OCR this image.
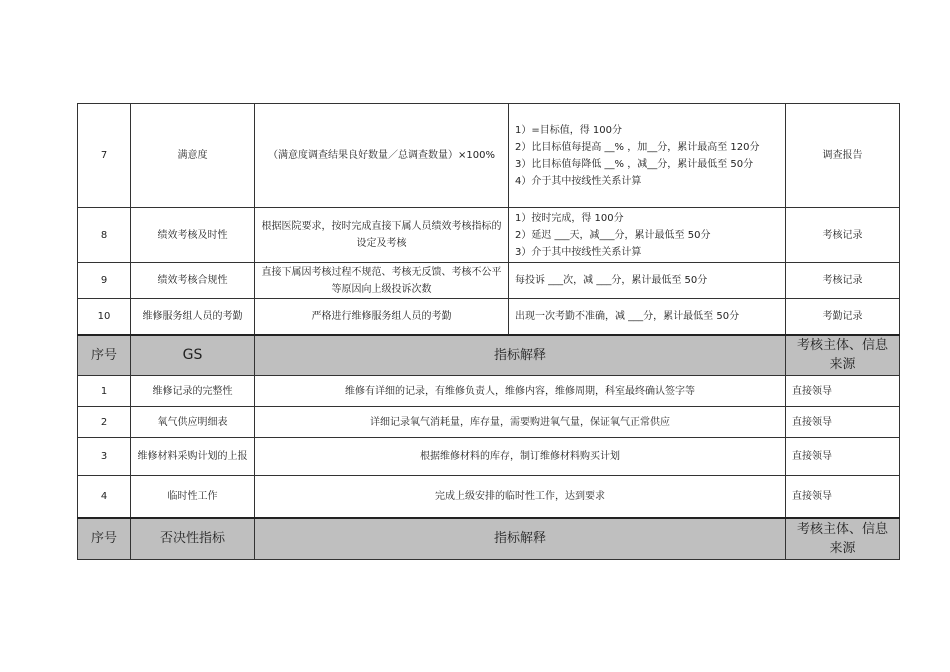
7	满意度	（满意度调查结果良好数量／总调查数量）×100%	1）=目标值，得 100分
2）比目标值每提高 __% ，加__分，累计最高至 120分
3）比目标值每降低 __% ，减__分，累计最低至 50分
4）介于其中按线性关系计算	调查报告
8	绩效考核及时性	根据医院要求，按时完成直接下属人员绩效考核指标的设定及考核	1）按时完成，得 100分
2）延迟 ___天，减___分，累计最低至 50分
3）介于其中按线性关系计算	考核记录
9	绩效考核合规性	直接下属因考核过程不规范、考核无反馈、考核不公平等原因向上级投诉次数	每投诉 ___次，减 ___分，累计最低至 50分	考核记录
10	维修服务组人员的考勤	严格进行维修服务组人员的考勤	出现一次考勤不准确，减 ___分，累计最低至 50分	考勤记录
序号	GS	指标解释		考核主体、信息来源
1	维修记录的完整性	维修有详细的记录，有维修负责人，维修内容，维修周期，科室最终确认签字等		直接领导
2	氧气供应明细表	详细记录氧气消耗量，库存量，需要购进氧气量，保证氧气正常供应		直接领导
3	维修材料采购计划的上报	根据维修材料的库存，制订维修材料购买计划		直接领导
4	临时性工作	完成上级安排的临时性工作，达到要求		直接领导
序号	否决性指标	指标解释		考核主体、信息来源
